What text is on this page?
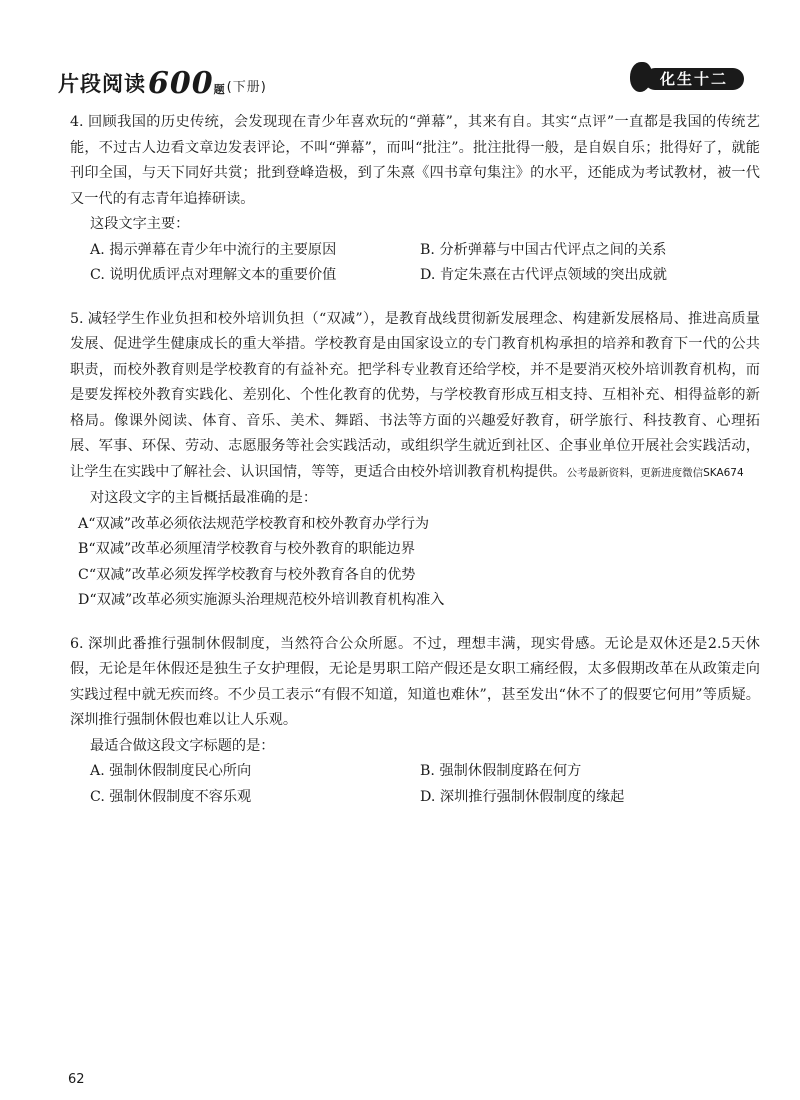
片段阅读600题(下册)	化生十二

4. 回顾我国的历史传统，会发现现在青少年喜欢玩的“弹幕”，其来有自。其实“点评”一直都是我国的传统艺能，不过古人边看文章边发表评论，不叫“弹幕”，而叫“批注”。批注批得一般，是自娱自乐；批得好了，就能刊印全国，与天下同好共赏；批到登峰造极，到了朱熹《四书章句集注》的水平，还能成为考试教材，被一代又一代的有志青年追捧研读。

这段文字主要：

A. 揭示弹幕在青少年中流行的主要原因	B. 分析弹幕与中国古代评点之间的关系

C. 说明优质评点对理解文本的重要价值	D. 肯定朱熹在古代评点领域的突出成就

5. 减轻学生作业负担和校外培训负担（“双减”），是教育战线贯彻新发展理念、构建新发展格局、推进高质量发展、促进学生健康成长的重大举措。学校教育是由国家设立的专门教育机构承担的培养和教育下一代的公共职责，而校外教育则是学校教育的有益补充。把学科专业教育还给学校，并不是要消灭校外培训教育机构，而是要发挥校外教育实践化、差别化、个性化教育的优势，与学校教育形成互相支持、互相补充、相得益彰的新格局。像课外阅读、体育、音乐、美术、舞蹈、书法等方面的兴趣爱好教育，研学旅行、科技教育、心理拓展、军事、环保、劳动、志愿服务等社会实践活动，或组织学生就近到社区、企事业单位开展社会实践活动，让学生在实践中了解社会、认识国情，等等，更适合由校外培训教育机构提供。公考最新资料，更新进度微信SKA674

对这段文字的主旨概括最准确的是：

A“双减”改革必须依法规范学校教育和校外教育办学行为

B“双减”改革必须厘清学校教育与校外教育的职能边界

C“双减”改革必须发挥学校教育与校外教育各自的优势

D“双减”改革必须实施源头治理规范校外培训教育机构准入

6. 深圳此番推行强制休假制度，当然符合公众所愿。不过，理想丰满，现实骨感。无论是双休还是2.5天休假，无论是年休假还是独生子女护理假，无论是男职工陪产假还是女职工痛经假，太多假期改革在从政策走向实践过程中就无疾而终。不少员工表示“有假不知道，知道也难休”，甚至发出“休不了的假要它何用”等质疑。深圳推行强制休假也难以让人乐观。

最适合做这段文字标题的是：

A. 强制休假制度民心所向	B. 强制休假制度路在何方

C. 强制休假制度不容乐观	D. 深圳推行强制休假制度的缘起

62
